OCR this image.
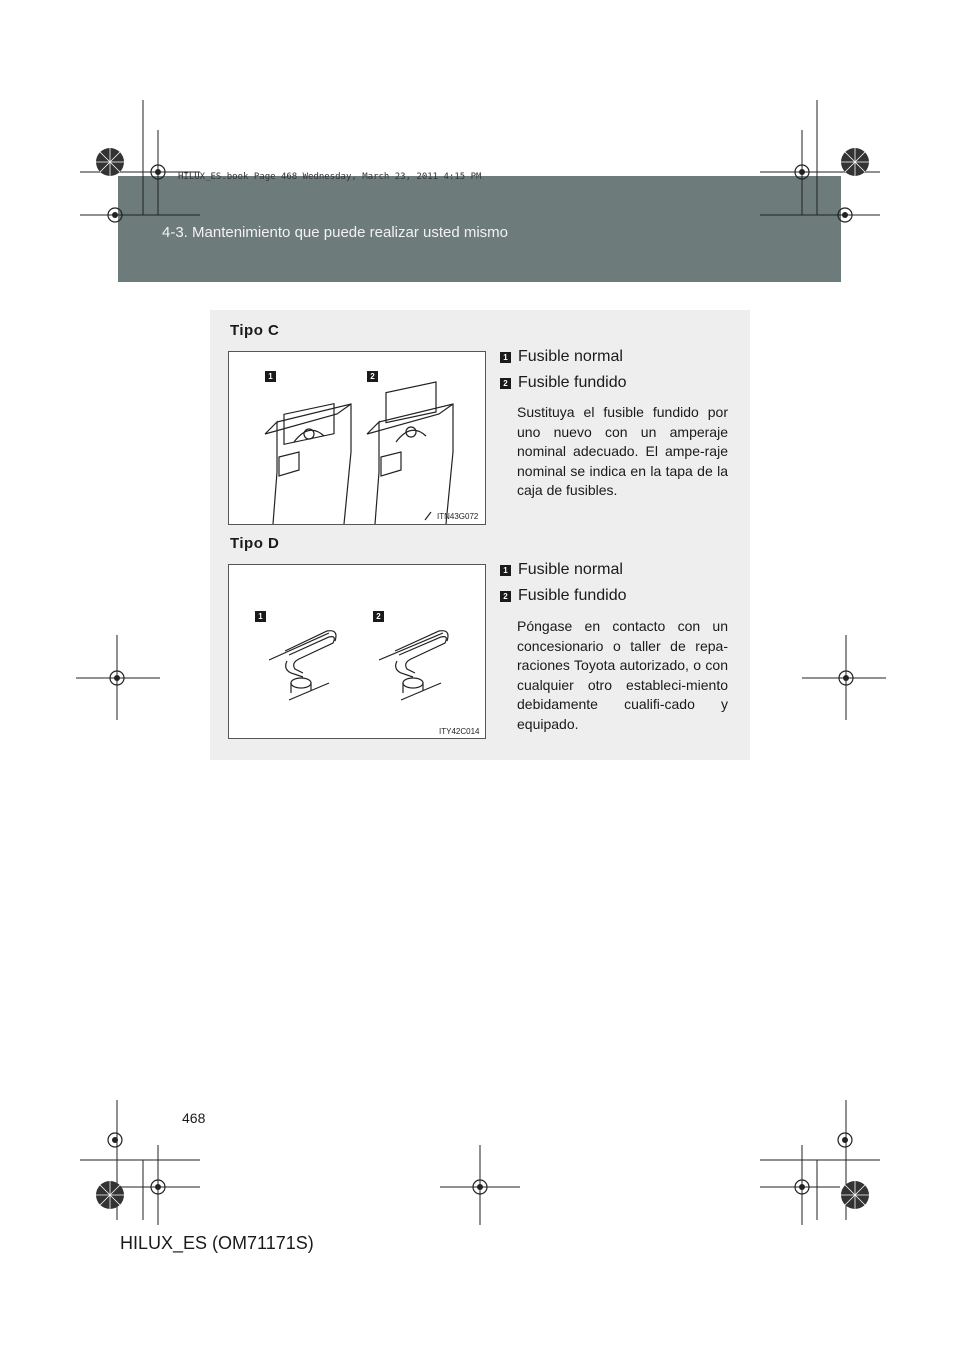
4-3. Mantenimiento que puede realizar usted mismo
HILUX_ES.book Page 468 Wednesday, March 23, 2011 4:15 PM
Tipo C
1	2
ITN43G072
1 Fusible normal
2 Fusible fundido
Sustituya el fusible fundido por uno nuevo con un amperaje nominal adecuado. El ampe-raje nominal se indica en la tapa de la caja de fusibles.
Tipo D
1	2
ITY42C014
1 Fusible normal
2 Fusible fundido
Póngase en contacto con un concesionario o taller de repa-raciones Toyota autorizado, o con cualquier otro estableci-miento debidamente cualifi-cado y equipado.
468
HILUX_ES (OM71171S)
